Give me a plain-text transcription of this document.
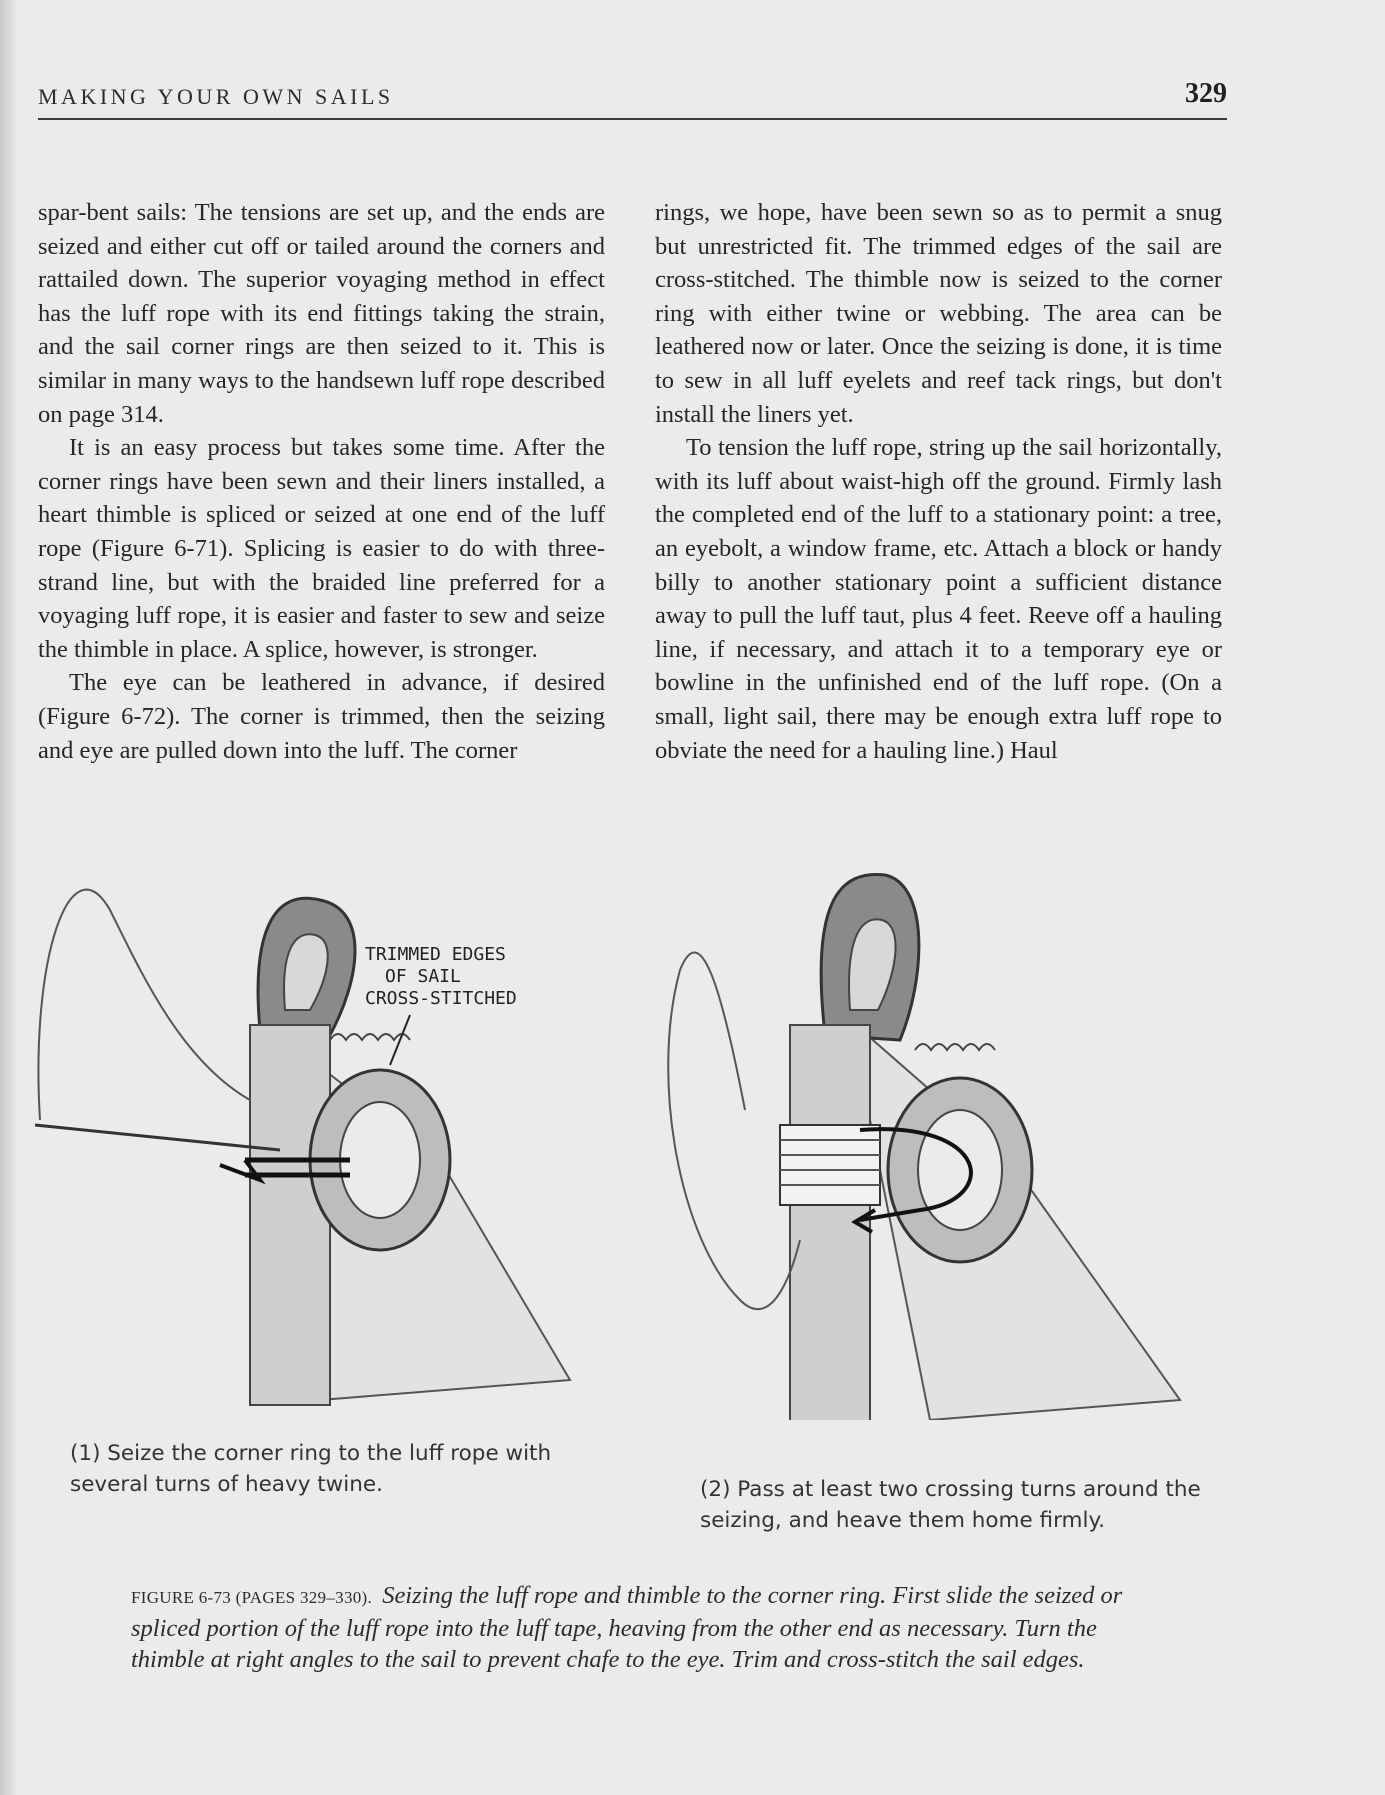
MAKING YOUR OWN SAILS	329

spar-bent sails: The tensions are set up, and the ends are seized and either cut off or tailed around the corners and rattailed down. The superior voyaging method in effect has the luff rope with its end fittings taking the strain, and the sail corner rings are then seized to it. This is similar in many ways to the handsewn luff rope described on page 314.

It is an easy process but takes some time. After the corner rings have been sewn and their liners installed, a heart thimble is spliced or seized at one end of the luff rope (Figure 6-71). Splicing is easier to do with three-strand line, but with the braided line preferred for a voyaging luff rope, it is easier and faster to sew and seize the thimble in place. A splice, however, is stronger.

The eye can be leathered in advance, if desired (Figure 6-72). The corner is trimmed, then the seizing and eye are pulled down into the luff. The corner

rings, we hope, have been sewn so as to permit a snug but unrestricted fit. The trimmed edges of the sail are cross-stitched. The thimble now is seized to the corner ring with either twine or webbing. The area can be leathered now or later. Once the seizing is done, it is time to sew in all luff eyelets and reef tack rings, but don't install the liners yet.

To tension the luff rope, string up the sail horizontally, with its luff about waist-high off the ground. Firmly lash the completed end of the luff to a stationary point: a tree, an eyebolt, a window frame, etc. Attach a block or handy billy to another stationary point a sufficient distance away to pull the luff taut, plus 4 feet. Reeve off a hauling line, if necessary, and attach it to a temporary eye or bowline in the unfinished end of the luff rope. (On a small, light sail, there may be enough extra luff rope to obviate the need for a hauling line.) Haul

TRIMMED EDGES
OF SAIL
CROSS-STITCHED
(1) Seize the corner ring to the luff rope with several turns of heavy twine.	(2) Pass at least two crossing turns around the seizing, and heave them home firmly.
FIGURE 6-73 (PAGES 329–330). Seizing the luff rope and thimble to the corner ring. First slide the seized or spliced portion of the luff rope into the luff tape, heaving from the other end as necessary. Turn the thimble at right angles to the sail to prevent chafe to the eye. Trim and cross-stitch the sail edges.
